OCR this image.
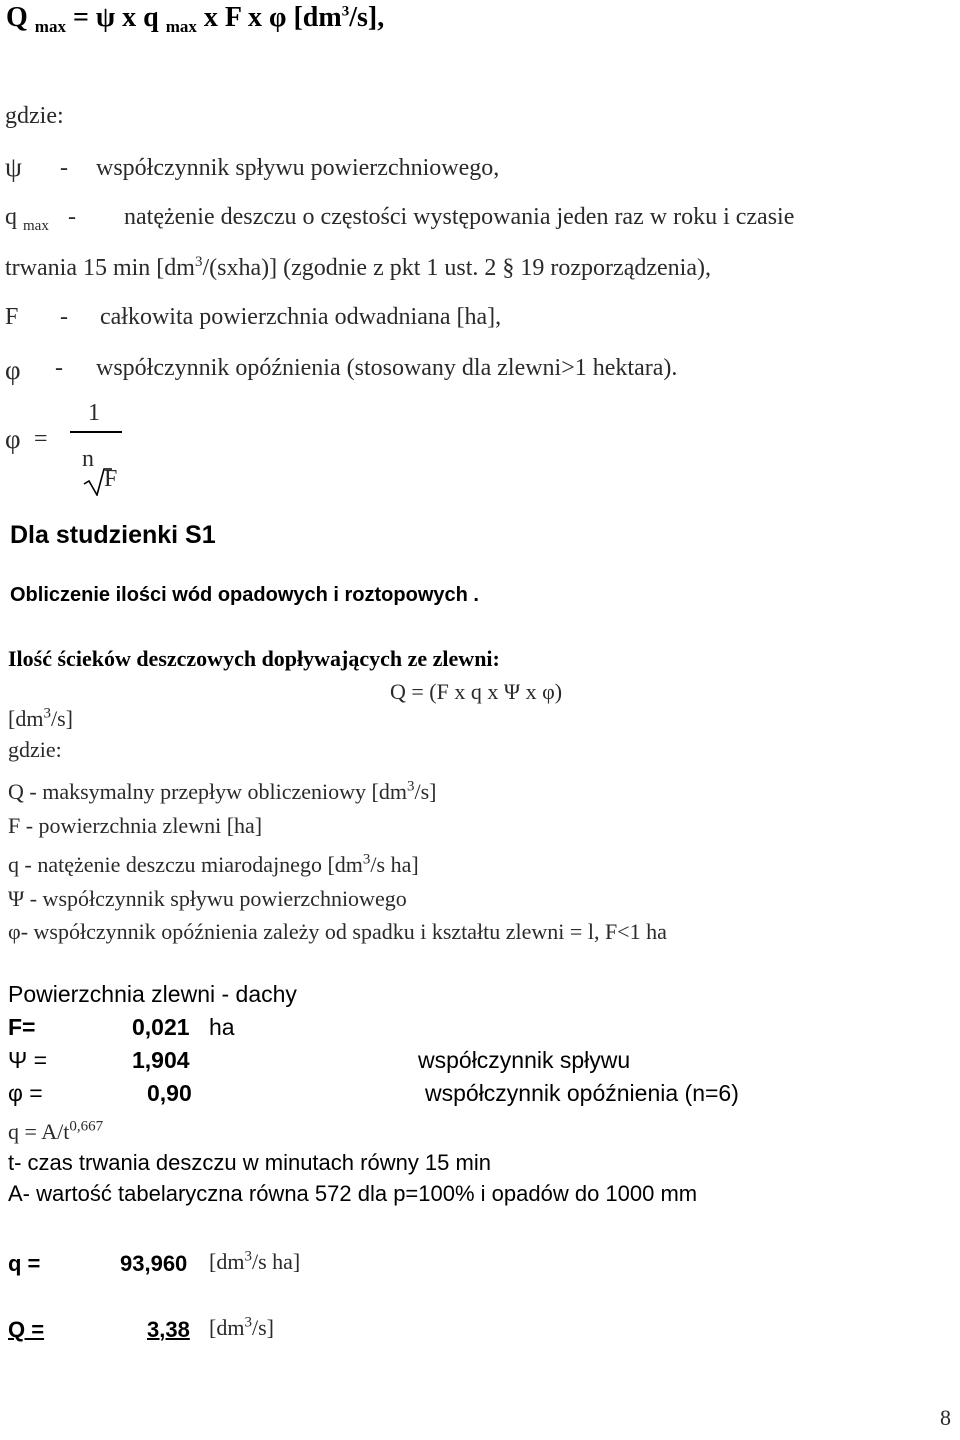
Q $_{max}$ = ψ x q $_{max}$ x F x φ $[dm^3/s]$,
gdzie:
ψ - współczynnik spływu powierzchniowego,
q $_{max}$ - natężenie deszczu o częstości występowania jeden raz w roku i czasie
trwania 15 $\min [dm^3/(sxha)]$ (zgodnie z pkt 1 ust. 2 § 19 rozporządzenia),
F - całkowita powierzchnia odwadniana [ha],
φ - współczynnik opóźnienia (stosowany dla zlewni>1 hektara).
φ =
1
n
F
Dla studzienki S1
Obliczenie ilości wód opadowych i roztopowych .
Ilość ścieków deszczowych dopływających ze zlewni:
Q = (F x q x Ψ x φ)
$[dm^3/s]$
gdzie:
Q - maksymalny przepływ obliczeniowy $[dm^3/s]$
F - powierzchnia zlewni [ha]
q - natężenie deszczu miarodajnego [$dm^3/s$ ha]
Ψ - współczynnik spływu powierzchniowego
φ- współczynnik opóźnienia zależy od spadku i kształtu zlewni = l, F<1 ha
Powierzchnia zlewni - dachy
F=	0,021 ha
Ψ =	1,904	współczynnik spływu
φ =	0,90	współczynnik opóźnienia (n=6)
$q = A/t^{0,667}$
t- czas trwania deszczu w minutach równy 15 min
A- wartość tabelaryczna równa 572 dla p=100% i opadów do 1000 mm
q =	93,960 [$dm^3/s$ ha]
Q =	3,38 $[dm^3/s]$
8
